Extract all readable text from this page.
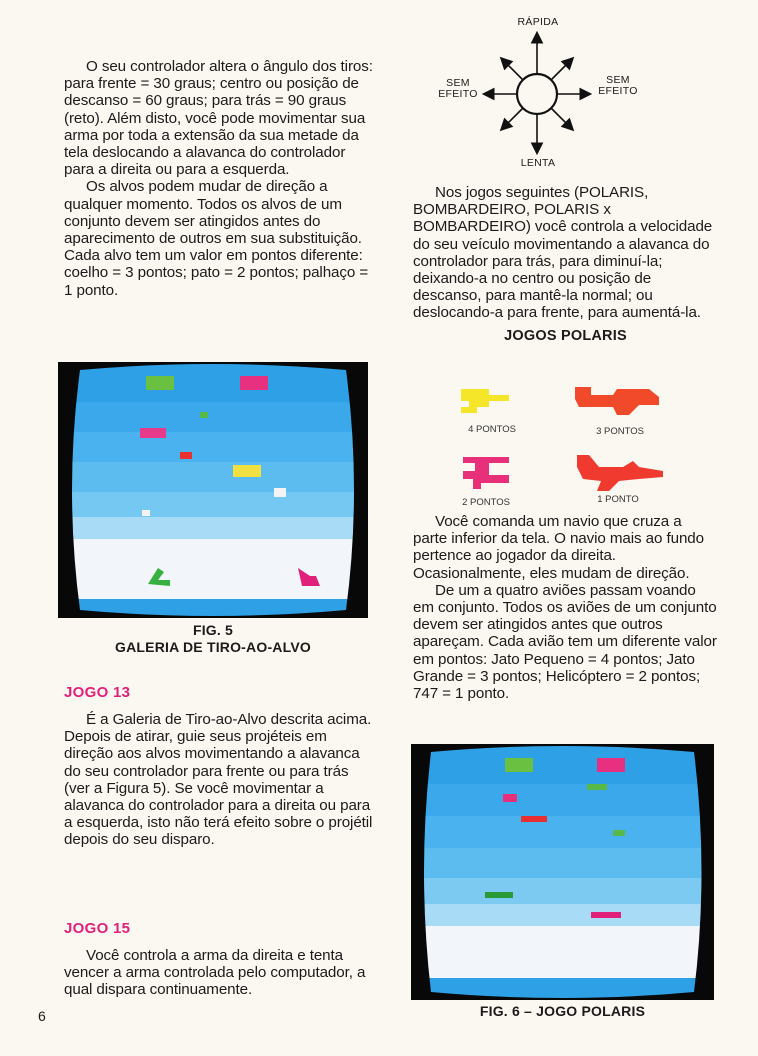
O seu controlador altera o ângulo dos tiros: para frente = 30 graus; centro ou posição de descanso = 60 graus; para trás = 90 graus (reto). Além disto, você pode movimentar sua arma por toda a extensão da sua metade da tela deslocando a alavanca do controlador para a direita ou para a esquerda.

Os alvos podem mudar de direção a qualquer momento. Todos os alvos de um conjunto devem ser atingidos antes do aparecimento de outros em sua substituição. Cada alvo tem um valor em pontos diferente: coelho = 3 pontos; pato = 2 pontos; palhaço = 1 ponto.

FIG. 5
GALERIA DE TIRO-AO-ALVO
JOGO 13

É a Galeria de Tiro-ao-Alvo descrita acima. Depois de atirar, guie seus projéteis em direção aos alvos movimentando a alavanca do seu controlador para frente ou para trás (ver a Figura 5). Se você movimentar a alavanca do controlador para a direita ou para a esquerda, isto não terá efeito sobre o projétil depois do seu disparo.

JOGO 15

Você controla a arma da direita e tenta vencer a arma controlada pelo computador, a qual dispara continuamente.

6
RÁPIDA
LENTA
SEM EFEITO
SEM EFEITO

Nos jogos seguintes (POLARIS, BOMBARDEIRO, POLARIS x BOMBARDEIRO) você controla a velocidade do seu veículo movimentando a alavanca do controlador para trás, para diminuí-la; deixando-a no centro ou posição de descanso, para mantê-la normal; ou deslocando-a para frente, para aumentá-la.

JOGOS POLARIS
4 PONTOS	3 PONTOS
2 PONTOS	1 PONTO

Você comanda um navio que cruza a parte inferior da tela. O navio mais ao fundo pertence ao jogador da direita. Ocasionalmente, eles mudam de direção.

De um a quatro aviões passam voando em conjunto. Todos os aviões de um conjunto devem ser atingidos antes que outros apareçam. Cada avião tem um diferente valor em pontos: Jato Pequeno = 4 pontos; Jato Grande = 3 pontos; Helicóptero = 2 pontos; 747 = 1 ponto.

FIG. 6 – JOGO POLARIS
